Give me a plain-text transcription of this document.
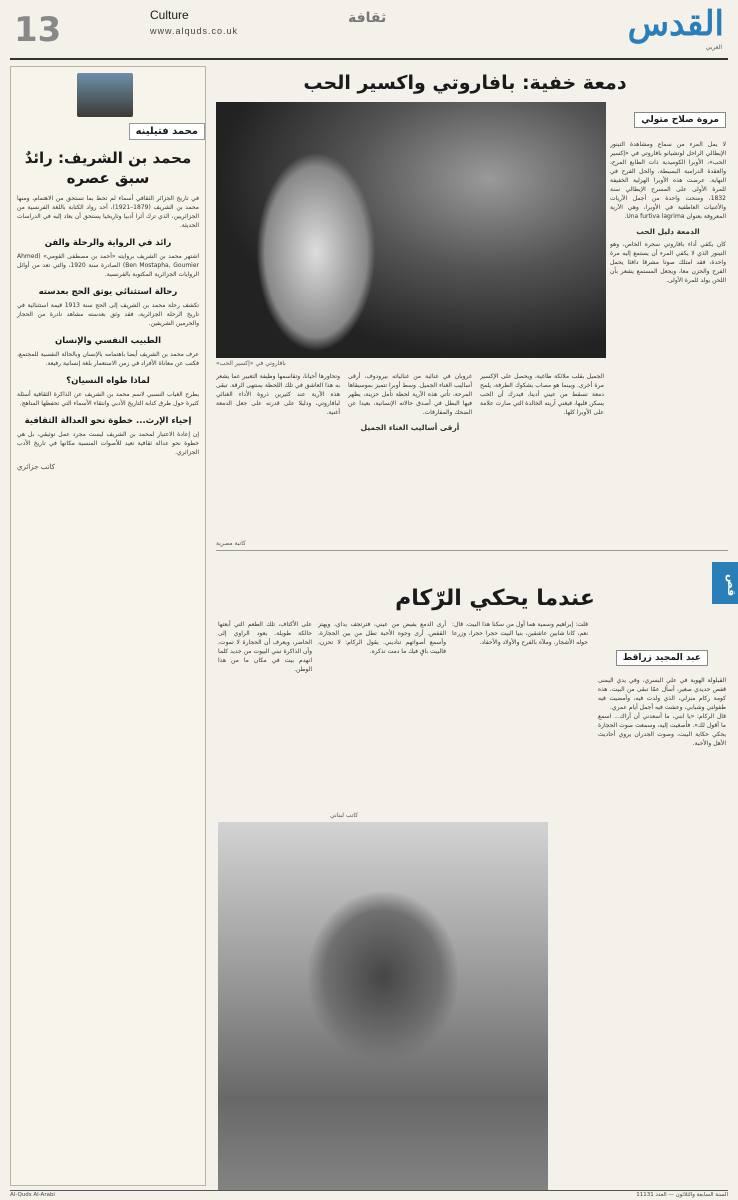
13	Culture
www.alquds.co.uk
ثقافة	القدس
العربي
محمد فتيلينه
محمد بن الشريف: رائدٌ سبق عصره

في تاريخ الجزائر الثقافي أسماء لم تحظ بما تستحق من الاهتمام، ومنها محمد بن الشريف (1879–1921)، أحد رواد الكتابة باللغة الفرنسية من الجزائريين، الذي ترك أثرا أدبيا وتاريخيا يستحق أن يعاد إليه في الدراسات الحديثة.

رائد في الرواية والرحلة والفن

اشتهر محمد بن الشريف بروايته «أحمد بن مصطفى القومي» (Ahmed Ben Mostapha, Goumier) الصادرة سنة 1920، والتي تعد من أوائل الروايات الجزائرية المكتوبة بالفرنسية.

رحالة استثنائي يوثق الحج بعدسته

تكشف رحلة محمد بن الشريف إلى الحج سنة 1913 قيمة استثنائية في تاريخ الرحلة الجزائرية، فقد وثق بعدسته مشاهد نادرة من الحجاز والحرمين الشريفين.

الطبيب النفسي والإنسان

عرف محمد بن الشريف أيضا باهتمامه بالإنسان وبالحالة النفسية للمجتمع، فكتب عن معاناة الأفراد في زمن الاستعمار بلغة إنسانية رفيعة.

لماذا طواه النسيان؟

يطرح الغياب النسبي لاسم محمد بن الشريف عن الذاكرة الثقافية أسئلة كثيرة حول طرق كتابة التاريخ الأدبي وانتقاء الأسماء التي تحفظها المناهج.

إحياء الإرث... خطوة نحو العدالة الثقافية

إن إعادة الاعتبار لمحمد بن الشريف ليست مجرد عمل توثيقي، بل هي خطوة نحو عدالة ثقافية تعيد للأصوات المنسية مكانها في تاريخ الأدب الجزائري.

كاتب جزائري
دمعة خفية: بافاروتي واكسير الحب
مروة صلاح متولي
بافاروتي في «إكسير الحب»

لا يمل المرء من سماع ومشاهدة التينور الإيطالي الراحل لوتشيانو بافاروتي في «إكسير الحب»، الأوبرا الكوميدية ذات الطابع المرح، والعقدة الدرامية البسيطة، والحل الفرح في النهاية. عرضت هذه الأوبرا الهزلية الخفيفة للمرة الأولى على المسرح الإيطالي سنة 1832، ومنحت واحدة من أجمل الآريات والأغنيات العاطفية في الأوبرا، وهي الآرية المعروفة بعنوان Una furtiva lagrima.

الدمعة دليل الحب

كان يكفي أداء بافاروتي سحره الخاص، وهو التينور الذي لا يكفي المرء أن يستمع إليه مرة واحدة، فقد امتلك صوتا مشرقا دافئا يحمل الفرح والحزن معا، ويجعل المستمع يشعر بأن اللحن يولد للمرة الأولى.

الجميل بقلب ملائكة طاغية، ويحصل على الإكسير مرة أخرى. وبينما هو مصاب بشكوك الطرفة، يلمح دمعة تسقط من عيني أدينا، فيدرك أن الحب يسكن قلبها، فيغني آريته الخالدة التي صارت علامة على الأوبرا كلها.

غروبان في غنائية من غنائياته بيرودوف، أرقى أساليب الغناء الجميل. وسط أوبرا تتميز بموسيقاها المرحة، تأتي هذه الآرية لحظة تأمل حزينة، يظهر فيها البطل في أصدق حالاته الإنسانية، بعيدا عن الضحك والمفارقات.

أرقى أساليب الغناء الجميل

وتحاورها أحيانا، وتقاسمها وظيفة التعبير عما يشعر به هذا العاشق في تلك اللحظة بمنتهى الرقة. تبقى هذه الآرية عند كثيرين ذروة الأداء الغنائي لبافاروتي، ودليلا على قدرته على جعل الدمعة أغنية.

كاتبة مصرية
قص
عبد المجيد زراقط
عندما يحكي الرّكام

القيلولة الهوية في علي البسري، وفي يدي اليمنى قفص حديدي صغير، أسأل عمّا تبقى من البيت. هذه كومة ركام منزلي، الذي ولدت فيه، وأمضيت فيه طفولتي وشبابي، وعشت فيه أجمل أيام عمري.

قال الركام: «يا ابني، ما أسعدني أن أراك... اسمع ما أقول لك». فأصغيت إليه، وسمعت صوت الحجارة يحكي حكاية البيت، وصوت الجدران يروي أحاديث الأهل والأحبة.

قلت: إبراهيم وسمية هما أول من سكنا هذا البيت. قال: نعم، كانا شابين عاشقين، بنيا البيت حجرا حجرا، وزرعا حوله الأشجار، وملآه بالفرح والأولاد والأحفاد.

أرى الدمع يفيض من عيني، فترتجف يداي، ويهتز القفص. أرى وجوه الأحبة تطل من بين الحجارة، وأسمع أصواتهم تناديني. يقول الركام: لا تحزن، فالبيت باقٍ فيك ما دمت تذكره.

على الأكتاف، تلك الطعم التي أبعتها حالكة طويلة. يعود الراوي إلى الحاضر، ويعرف أن الحجارة لا تموت، وأن الذاكرة تبني البيوت من جديد كلما انهدم بيت في مكان ما من هذا الوطن.

كاتب لبناني
Al-Quds Al-Arabi	السنة السابعة والثلاثون — العدد 11131
